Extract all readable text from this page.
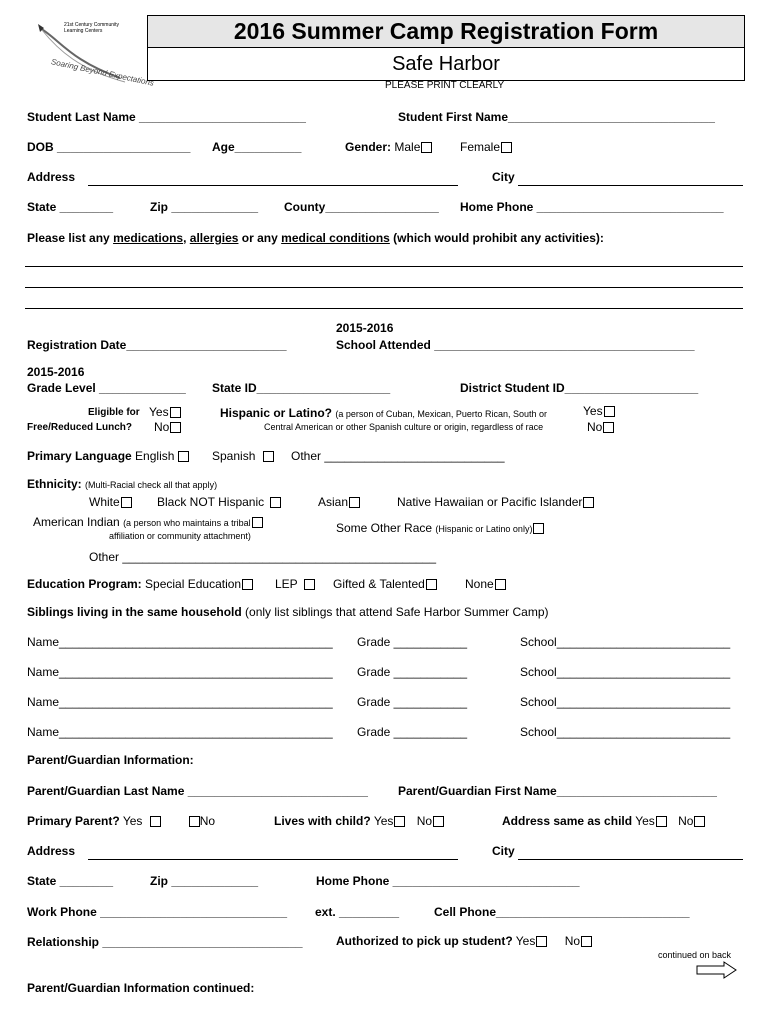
21st Century Community Learning Centers
Soaring Beyond Expectations
2016 Summer Camp Registration Form
Safe Harbor
PLEASE PRINT CLEARLY
Student Last Name _________________________	Student First Name_______________________________
DOB ____________________ Age__________	Gender: Male	Female
Address	City
State ________	Zip _____________ County_________________ Home Phone ____________________________
Please list any medications, allergies or any medical conditions (which would prohibit any activities):
2015-2016
Registration Date________________________	School Attended _______________________________________
2015-2016
Grade Level _____________ State ID____________________	District Student ID____________________
Eligible for Yes
Free/Reduced Lunch? No
Hispanic or Latino? (a person of Cuban, Mexican, Puerto Rican, South or	Yes
Central American or other Spanish culture or origin, regardless of race	No
Primary Language English	Spanish	Other ___________________________
Ethnicity: (Multi-Racial check all that apply)
White	Black NOT Hispanic	Asian	Native Hawaiian or Pacific Islander
American Indian (a person who maintains a tribal
affiliation or community attachment)
Some Other Race (Hispanic or Latino only)
Other _______________________________________________
Education Program: Special Education	LEP	Gifted & Talented	None
Siblings living in the same household (only list siblings that attend Safe Harbor Summer Camp)
Name_________________________________________ Grade ___________	School__________________________
Name_________________________________________ Grade ___________	School__________________________
Name_________________________________________ Grade ___________	School__________________________
Name_________________________________________ Grade ___________	School__________________________
Parent/Guardian Information:
Parent/Guardian Last Name ___________________________	Parent/Guardian First Name________________________
Primary Parent? Yes	No	Lives with child? Yes No	Address same as child Yes No
Address	City
State ________	Zip _____________	Home Phone ____________________________
Work Phone ____________________________ ext. _________	Cell Phone_____________________________
Relationship ______________________________	Authorized to pick up student? Yes No
continued on back
Parent/Guardian Information continued:
